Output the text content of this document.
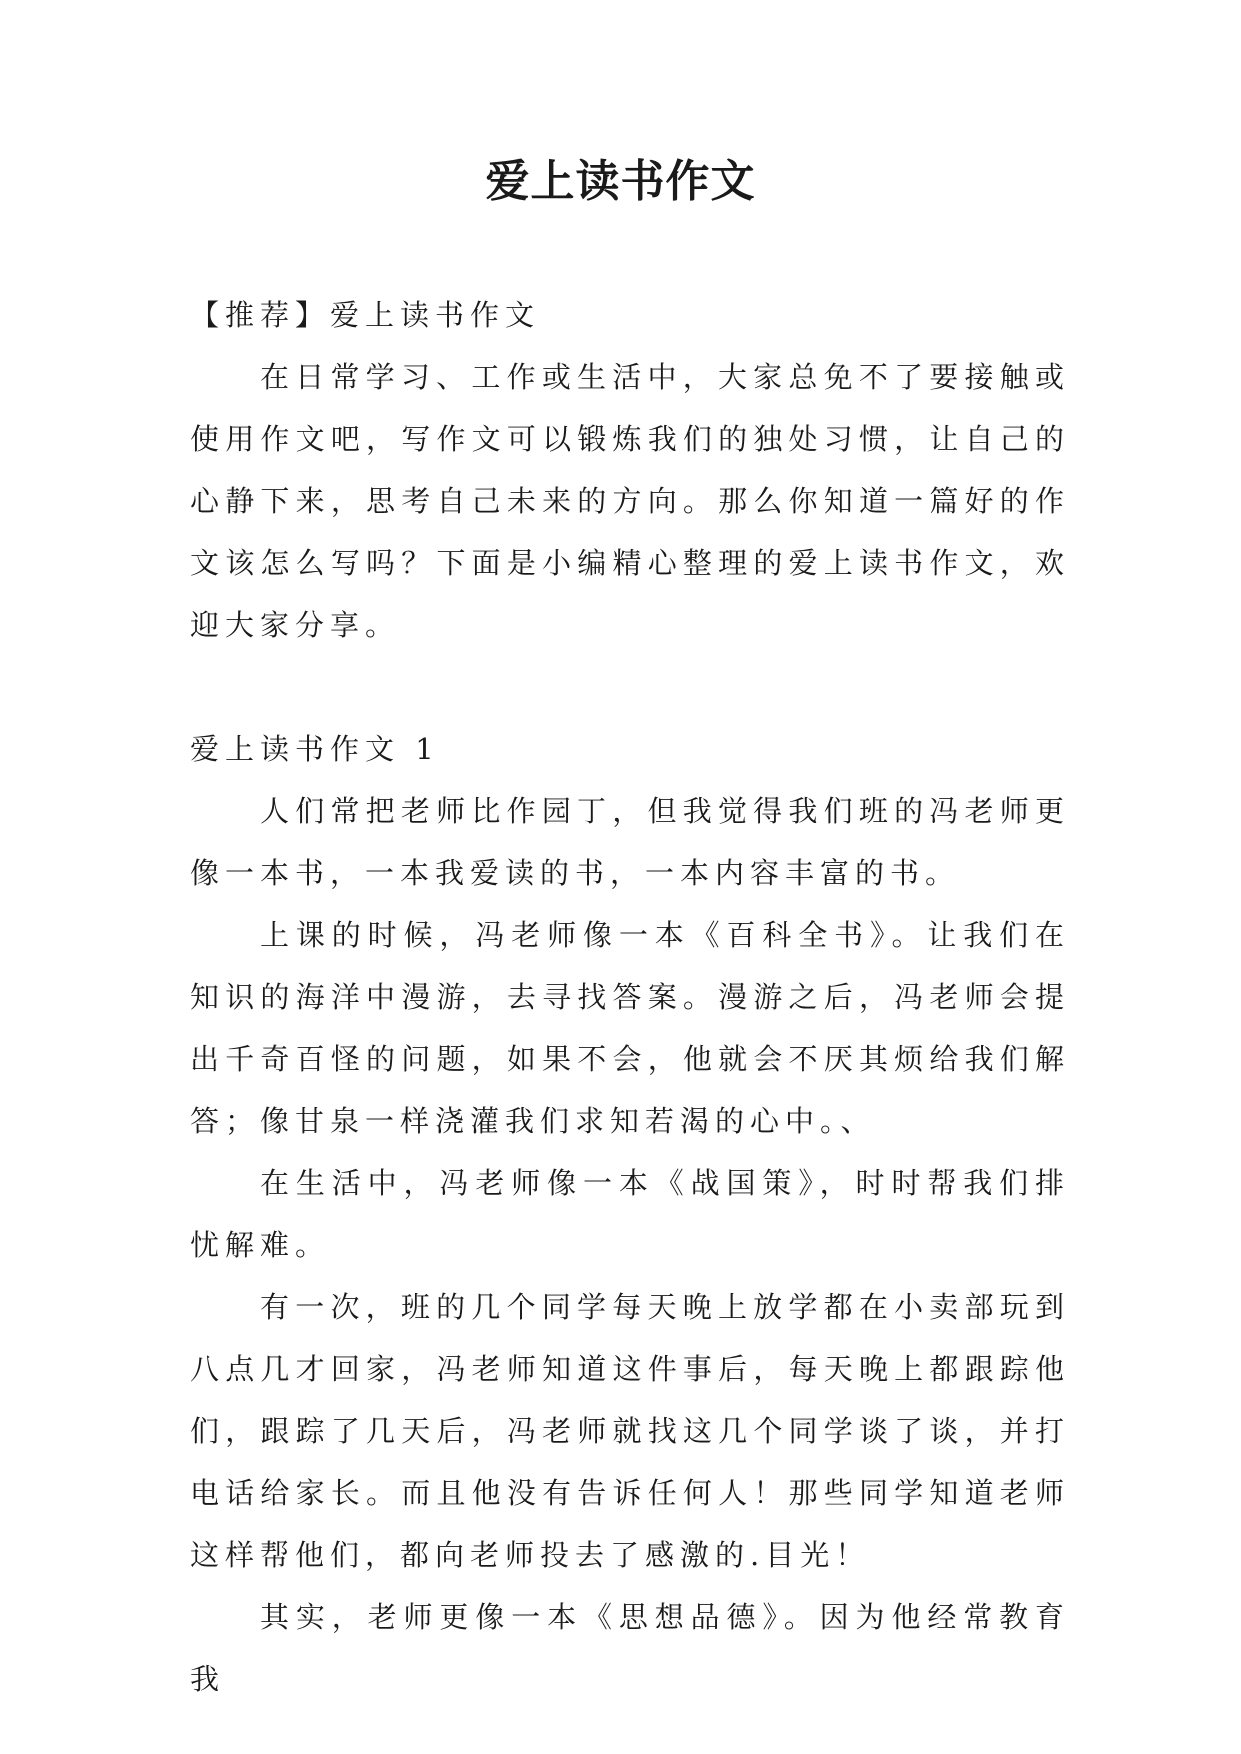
爱上读书作文

【推荐】爱上读书作文

在日常学习、工作或生活中，大家总免不了要接触或使用作文吧，写作文可以锻炼我们的独处习惯，让自己的心静下来，思考自己未来的方向。那么你知道一篇好的作文该怎么写吗？下面是小编精心整理的爱上读书作文，欢迎大家分享。

爱上读书作文 1

人们常把老师比作园丁，但我觉得我们班的冯老师更像一本书，一本我爱读的书，一本内容丰富的书。

上课的时候，冯老师像一本《百科全书》。让我们在知识的海洋中漫游，去寻找答案。漫游之后，冯老师会提出千奇百怪的问题，如果不会，他就会不厌其烦给我们解答；像甘泉一样浇灌我们求知若渴的心中。、

在生活中，冯老师像一本《战国策》，时时帮我们排忧解难。

有一次，班的几个同学每天晚上放学都在小卖部玩到八点几才回家，冯老师知道这件事后，每天晚上都跟踪他们，跟踪了几天后，冯老师就找这几个同学谈了谈，并打电话给家长。而且他没有告诉任何人！那些同学知道老师这样帮他们，都向老师投去了感激的.目光！

其实，老师更像一本《思想品德》。因为他经常教育我
